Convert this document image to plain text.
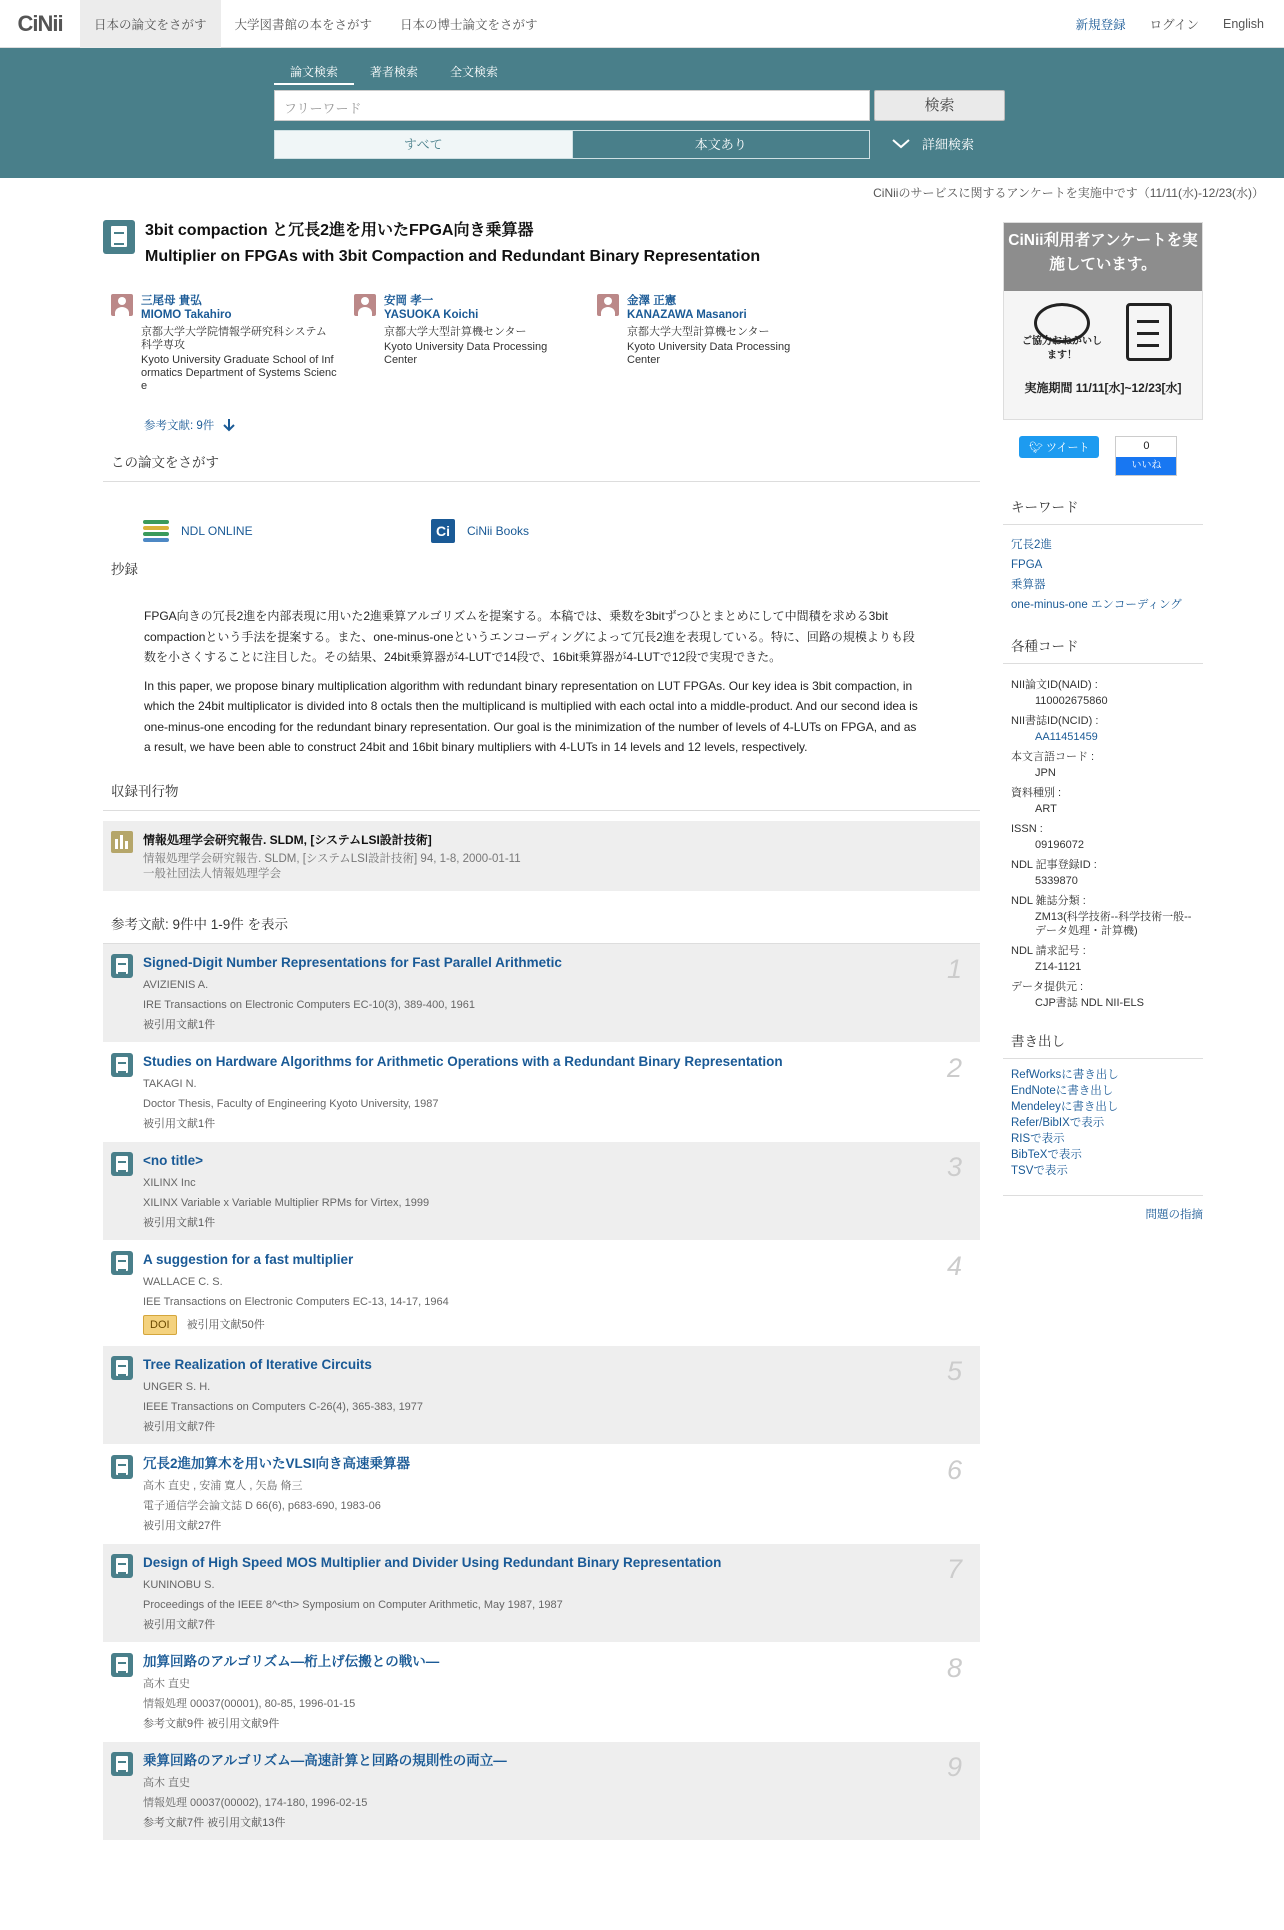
CiNii	日本の論文をさがす	大学図書館の本をさがす	日本の博士論文をさがす	新規登録 ログイン English
論文検索	著者検索	全文検索
フリーワード	検索
すべて	本文あり	詳細検索
CiNiiのサービスに関するアンケートを実施中です（11/11(水)-12/23(水)）
3bit compaction と冗長2進を用いたFPGA向き乗算器
Multiplier on FPGAs with 3bit Compaction and Redundant Binary Representation
三尾母 貴弘
MIOMO Takahiro
京都大学大学院情報学研究科システム科学専攻
Kyoto University Graduate School of Informatics Department of Systems Science
安岡 孝一
YASUOKA Koichi
京都大学大型計算機センター
Kyoto University Data Processing Center
金澤 正憲
KANAZAWA Masanori
京都大学大型計算機センター
Kyoto University Data Processing Center
参考文献: 9件
この論文をさがす
NDL ONLINE	Ci	CiNii Books
抄録

FPGA向きの冗長2進を内部表現に用いた2進乗算アルゴリズムを提案する。本稿では、乗数を3bitずつひとまとめにして中間積を求める3bit compactionという手法を提案する。また、one-minus-oneというエンコーディングによって冗長2進を表現している。特に、回路の規模よりも段数を小さくすることに注目した。その結果、24bit乗算器が4-LUTで14段で、16bit乗算器が4-LUTで12段で実現できた。

In this paper, we propose binary multiplication algorithm with redundant binary representation on LUT FPGAs. Our key idea is 3bit compaction, in which the 24bit multiplicator is divided into 8 octals then the multiplicand is multiplied with each octal into a middle-product. And our second idea is one-minus-one encoding for the redundant binary representation. Our goal is the minimization of the number of levels of 4-LUTs on FPGA, and as a result, we have been able to construct 24bit and 16bit binary multipliers with 4-LUTs in 14 levels and 12 levels, respectively.

収録刊行物
情報処理学会研究報告. SLDM, [システムLSI設計技術]
情報処理学会研究報告. SLDM, [システムLSI設計技術] 94, 1-8, 2000-01-11
一般社団法人情報処理学会
参考文献: 9件中 1-9件 を表示
Signed-Digit Number Representations for Fast Parallel Arithmetic
AVIZIENIS A.
IRE Transactions on Electronic Computers EC-10(3), 389-400, 1961
被引用文献1件
1
Studies on Hardware Algorithms for Arithmetic Operations with a Redundant Binary Representation
TAKAGI N.
Doctor Thesis, Faculty of Engineering Kyoto University, 1987
被引用文献1件
2
<no title>
XILINX Inc
XILINX Variable x Variable Multiplier RPMs for Virtex, 1999
被引用文献1件
3
A suggestion for a fast multiplier
WALLACE C. S.
IEE Transactions on Electronic Computers EC-13, 14-17, 1964
DOI	被引用文献50件
4
Tree Realization of Iterative Circuits
UNGER S. H.
IEEE Transactions on Computers C-26(4), 365-383, 1977
被引用文献7件
5
冗長2進加算木を用いたVLSI向き高速乗算器
高木 直史 , 安浦 寛人 , 矢島 脩三
電子通信学会論文誌 D 66(6), p683-690, 1983-06
被引用文献27件
6
Design of High Speed MOS Multiplier and Divider Using Redundant Binary Representation
KUNINOBU S.
Proceedings of the IEEE 8^<th> Symposium on Computer Arithmetic, May 1987, 1987
被引用文献7件
7
加算回路のアルゴリズム―桁上げ伝搬との戦い―
高木 直史
情報処理 00037(00001), 80-85, 1996-01-15
参考文献9件 被引用文献9件
8
乗算回路のアルゴリズム―高速計算と回路の規則性の両立―
高木 直史
情報処理 00037(00002), 174-180, 1996-02-15
参考文献7件 被引用文献13件
9
CiNii利用者アンケートを実施しています。
ご協力おねがいします！
実施期間 11/11[水]~12/23[水]
🐦︎ ツイート	0
いいね
キーワード
冗長2進
FPGA
乗算器
one-minus-one エンコーディング
各種コード
NII論文ID(NAID) :
110002675860
NII書誌ID(NCID) :
AA11451459
本文言語コード :
JPN
資料種別 :
ART
ISSN :
09196072
NDL 記事登録ID :
5339870
NDL 雑誌分類 :
ZM13(科学技術--科学技術一般--データ処理・計算機)
NDL 請求記号 :
Z14-1121
データ提供元 :
CJP書誌 NDL NII-ELS
書き出し
RefWorksに書き出し
EndNoteに書き出し
Mendeleyに書き出し
Refer/BibIXで表示
RISで表示
BibTeXで表示
TSVで表示
問題の指摘
